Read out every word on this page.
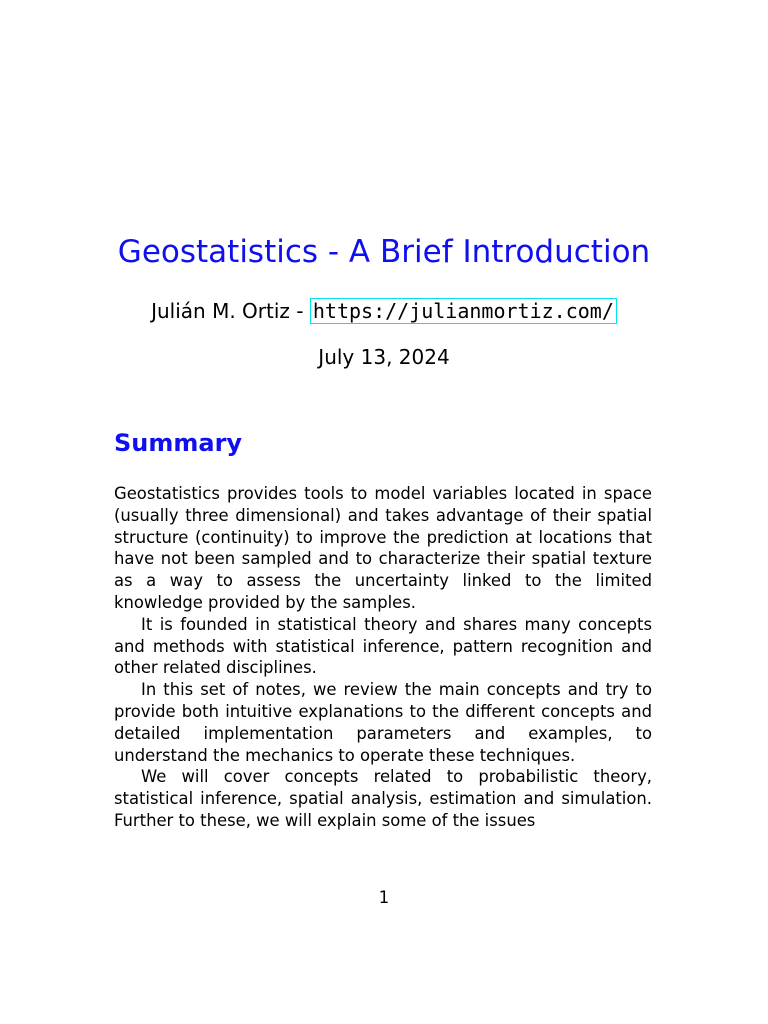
Geostatistics - A Brief Introduction
Julián M. Ortiz - https://julianmortiz.com/
July 13, 2024
Summary

Geostatistics provides tools to model variables located in space (usually three dimensional) and takes advantage of their spatial structure (continuity) to improve the prediction at locations that have not been sampled and to characterize their spatial texture as a way to assess the uncertainty linked to the limited knowledge provided by the samples.

It is founded in statistical theory and shares many concepts and methods with statistical inference, pattern recognition and other related disciplines.

In this set of notes, we review the main concepts and try to provide both intuitive explanations to the different concepts and detailed implementation parameters and examples, to understand the mechanics to operate these techniques.

We will cover concepts related to probabilistic theory, statistical inference, spatial analysis, estimation and simulation. Further to these, we will explain some of the issues

1
